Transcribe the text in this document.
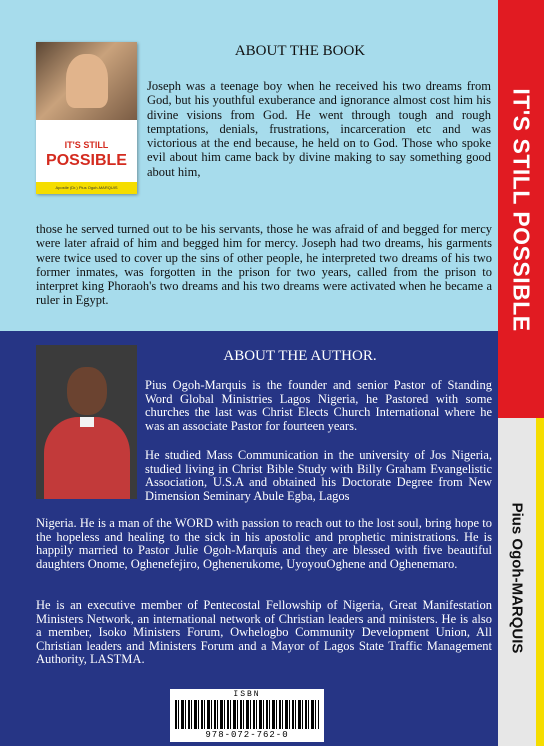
IT'S STILL POSSIBLE
Pius Ogoh-MARQUIS
IT'S STILL
POSSIBLE
Apostle (Dr.) Pius Ogoh-MARQUIS
ABOUT THE BOOK
Joseph was a teenage boy when he received his two dreams from God, but his youthful exuberance and ignorance almost cost him his divine visions from God. He went through tough and rough temptations, denials, frustrations, incarceration etc and was victorious at the end because, he held on to God. Those who spoke evil about him came back by divine making to say something good about him,
those he served turned out to be his servants, those he was afraid of and begged for mercy were later afraid of him and begged him for mercy. Joseph had two dreams, his garments were twice used to cover up the sins of other people, he interpreted two dreams of his two former inmates, was forgotten in the prison for two years, called from the prison to interpret king Phoraoh's two dreams and his two dreams were activated when he became a ruler in Egypt.
ABOUT THE AUTHOR.
Pius Ogoh-Marquis is the founder and senior Pastor of Standing Word Global Ministries Lagos Nigeria, he Pastored with some churches the last was Christ Elects Church International where he was an associate Pastor for fourteen years.
He studied Mass Communication in the university of Jos Nigeria, studied living in Christ Bible Study with Billy Graham Evangelistic Association, U.S.A and obtained his Doctorate Degree from New Dimension Seminary Abule Egba, Lagos
Nigeria. He is a man of the WORD with passion to reach out to the lost soul, bring hope to the hopeless and healing to the sick in his apostolic and prophetic ministrations. He is happily married to Pastor Julie Ogoh-Marquis and they are blessed with five beautiful daughters Onome, Oghenefejiro, Oghenerukome, UyoyouOghene and Oghenemaro.
He is an executive member of Pentecostal Fellowship of Nigeria, Great Manifestation Ministers Network, an international network of Christian leaders and ministers. He is also a member, Isoko Ministers Forum, Owhelogbo Community Development Union, All Christian leaders and Ministers Forum and a Mayor of Lagos State Traffic Management Authority, LASTMA.
ISBN
978-072-762-0
